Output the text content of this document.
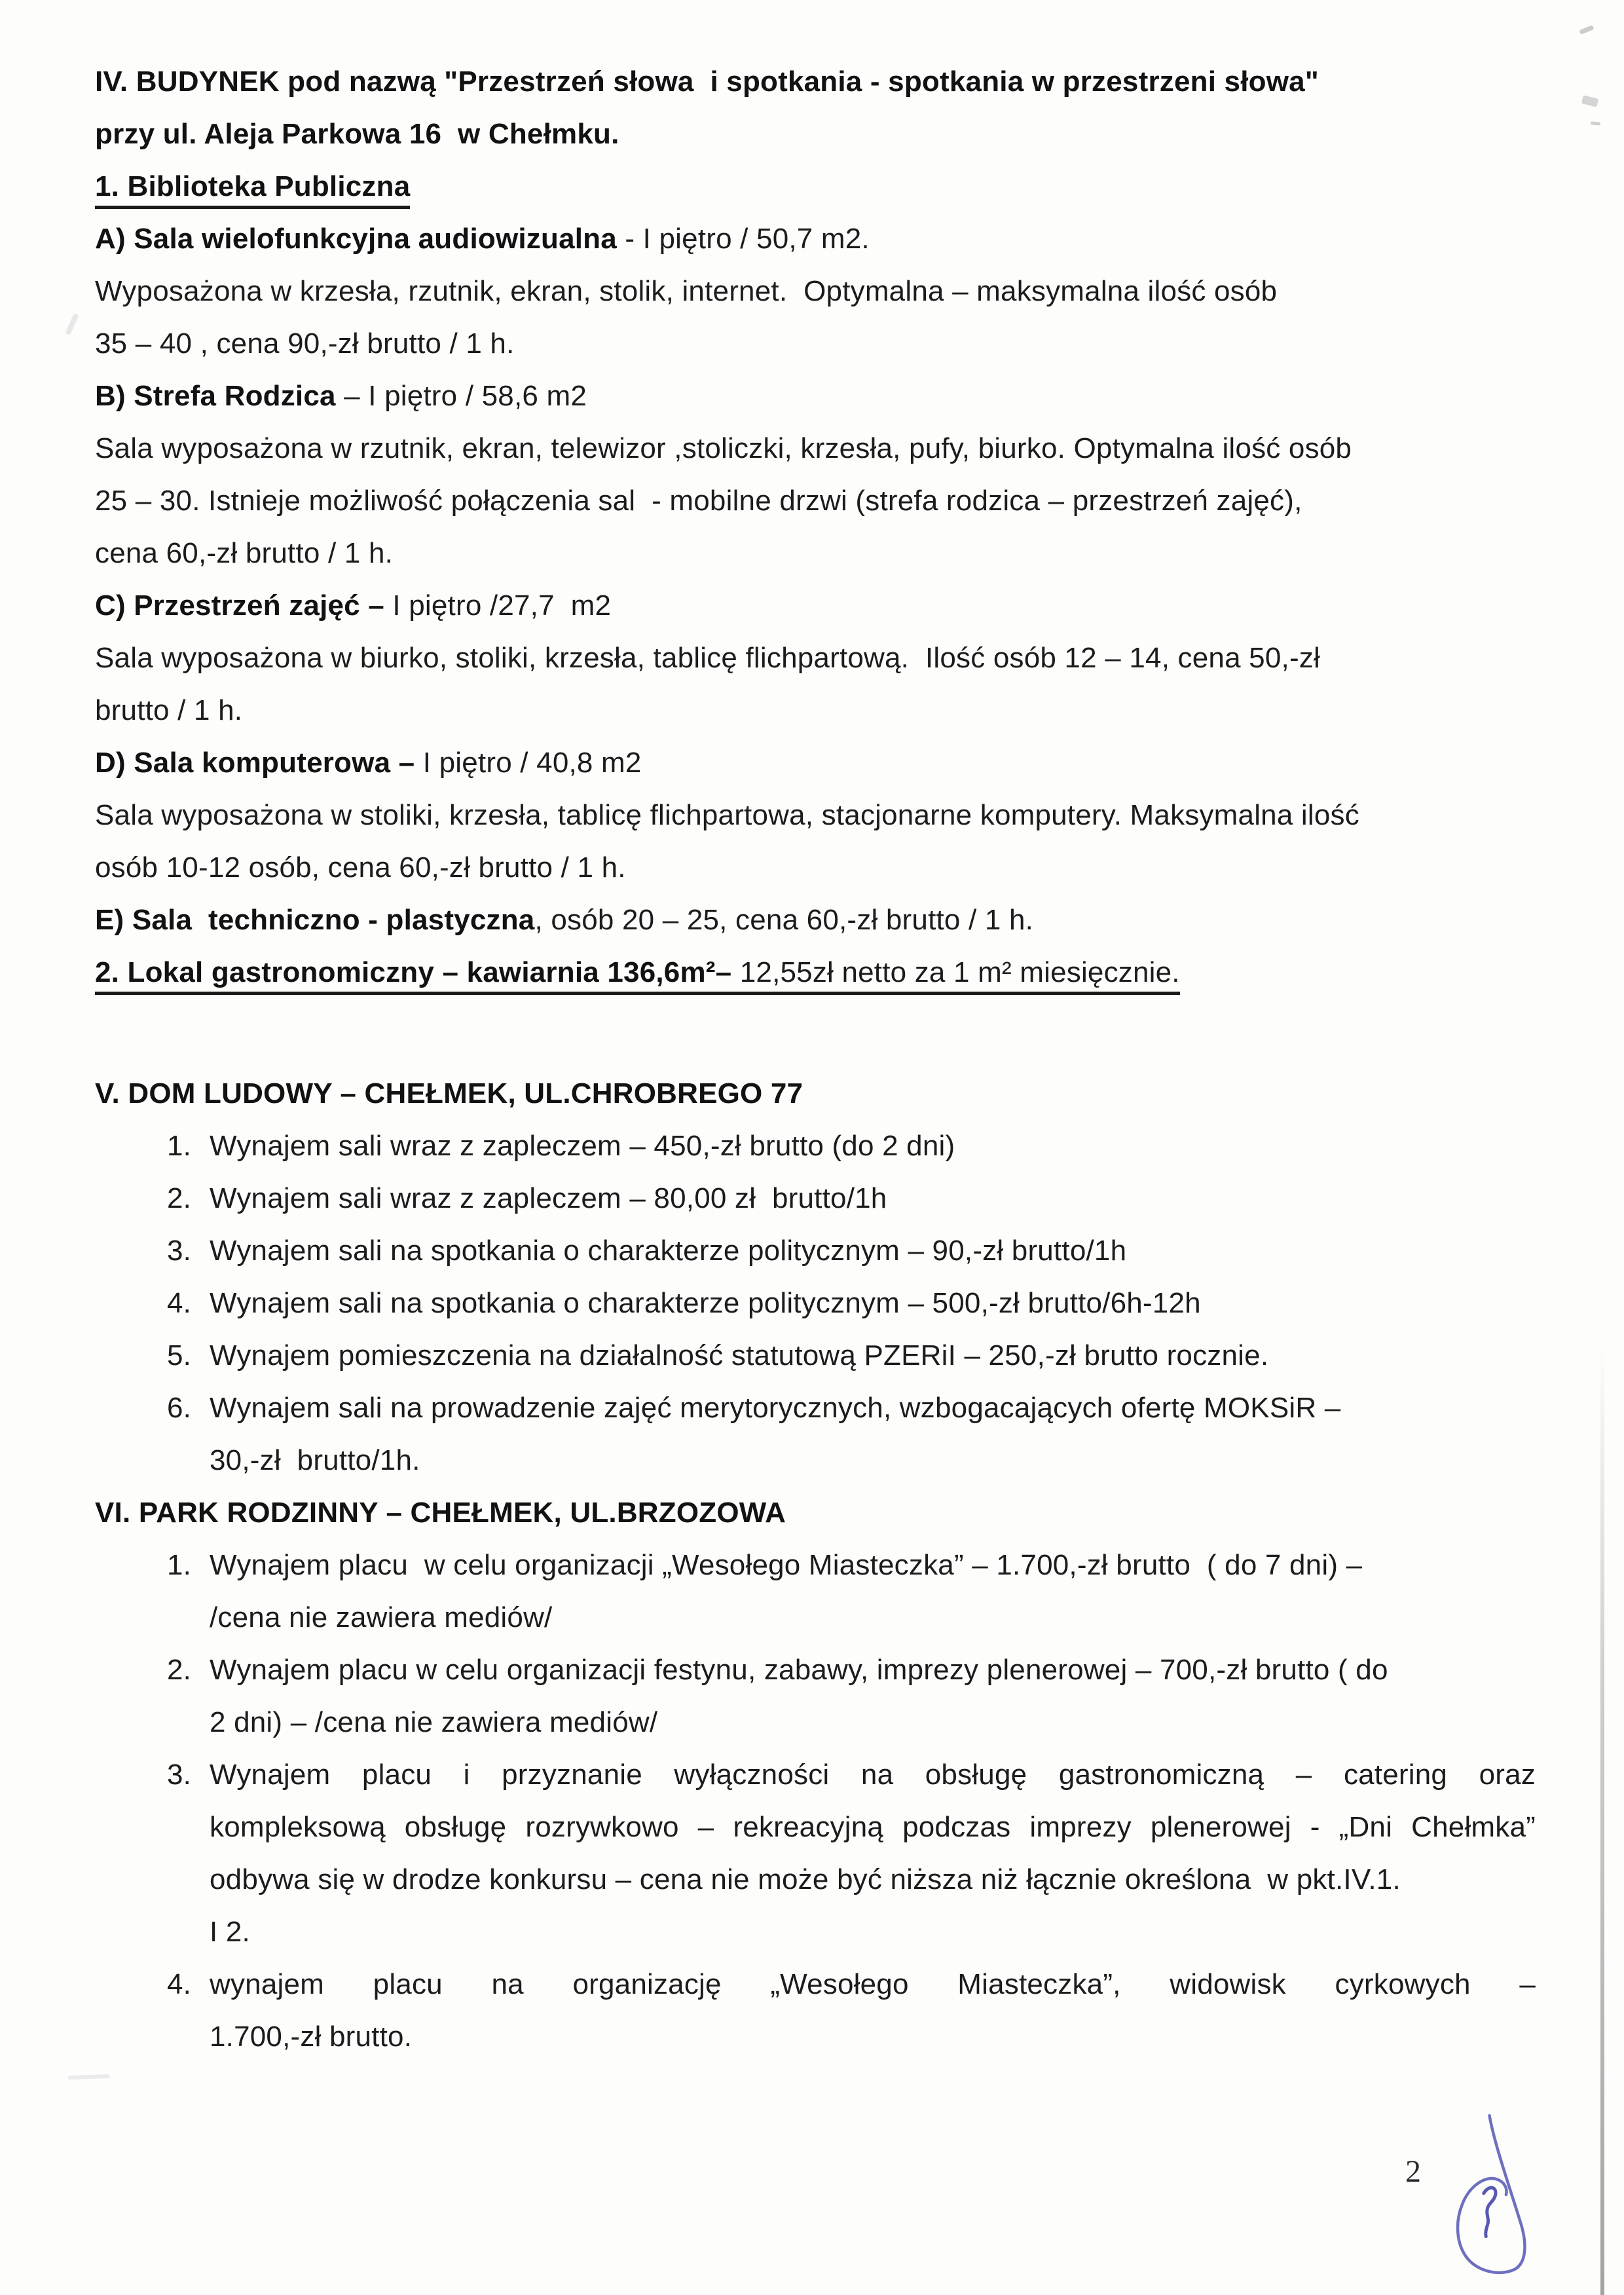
IV. BUDYNEK pod nazwą "Przestrzeń słowa  i spotkania - spotkania w przestrzeni słowa"
przy ul. Aleja Parkowa 16  w Chełmku.
1. Biblioteka Publiczna
A) Sala wielofunkcyjna audiowizualna - I piętro / 50,7 m2.
Wyposażona w krzesła, rzutnik, ekran, stolik, internet.  Optymalna – maksymalna ilość osób
35 – 40 , cena 90,-zł brutto / 1 h.
B) Strefa Rodzica – I piętro / 58,6 m2
Sala wyposażona w rzutnik, ekran, telewizor ,stoliczki, krzesła, pufy, biurko. Optymalna ilość osób
25 – 30. Istnieje możliwość połączenia sal  - mobilne drzwi (strefa rodzica – przestrzeń zajęć),
cena 60,-zł brutto / 1 h.
C) Przestrzeń zajęć – I piętro /27,7  m2
Sala wyposażona w biurko, stoliki, krzesła, tablicę flichpartową.  Ilość osób 12 – 14, cena 50,-zł
brutto / 1 h.
D) Sala komputerowa – I piętro / 40,8 m2
Sala wyposażona w stoliki, krzesła, tablicę flichpartowa, stacjonarne komputery. Maksymalna ilość
osób 10-12 osób, cena 60,-zł brutto / 1 h.
E) Sala  techniczno - plastyczna, osób 20 – 25, cena 60,-zł brutto / 1 h.
2. Lokal gastronomiczny – kawiarnia 136,6m²– 12,55zł netto za 1 m² miesięcznie.
V. DOM LUDOWY – CHEŁMEK, UL.CHROBREGO 77
1. Wynajem sali wraz z zapleczem – 450,-zł brutto (do 2 dni)
2. Wynajem sali wraz z zapleczem – 80,00 zł  brutto/1h
3. Wynajem sali na spotkania o charakterze politycznym – 90,-zł brutto/1h
4. Wynajem sali na spotkania o charakterze politycznym – 500,-zł brutto/6h-12h
5. Wynajem pomieszczenia na działalność statutową PZERiI – 250,-zł brutto rocznie.
6. Wynajem sali na prowadzenie zajęć merytorycznych, wzbogacających ofertę MOKSiR –
30,-zł  brutto/1h.
VI. PARK RODZINNY – CHEŁMEK, UL.BRZOZOWA
1. Wynajem placu  w celu organizacji „Wesołego Miasteczka” – 1.700,-zł brutto  ( do 7 dni) –
/cena nie zawiera mediów/
2. Wynajem placu w celu organizacji festynu, zabawy, imprezy plenerowej – 700,-zł brutto ( do
2 dni) – /cena nie zawiera mediów/
3. Wynajem placu i przyznanie wyłączności na obsługę gastronomiczną – catering oraz
kompleksową obsługę rozrywkowo – rekreacyjną podczas imprezy plenerowej - „Dni Chełmka”
odbywa się w drodze konkursu – cena nie może być niższa niż łącznie określona  w pkt.IV.1.
I 2.
4. wynajem placu na organizację „Wesołego Miasteczka”, widowisk cyrkowych –
1.700,-zł brutto.
2
